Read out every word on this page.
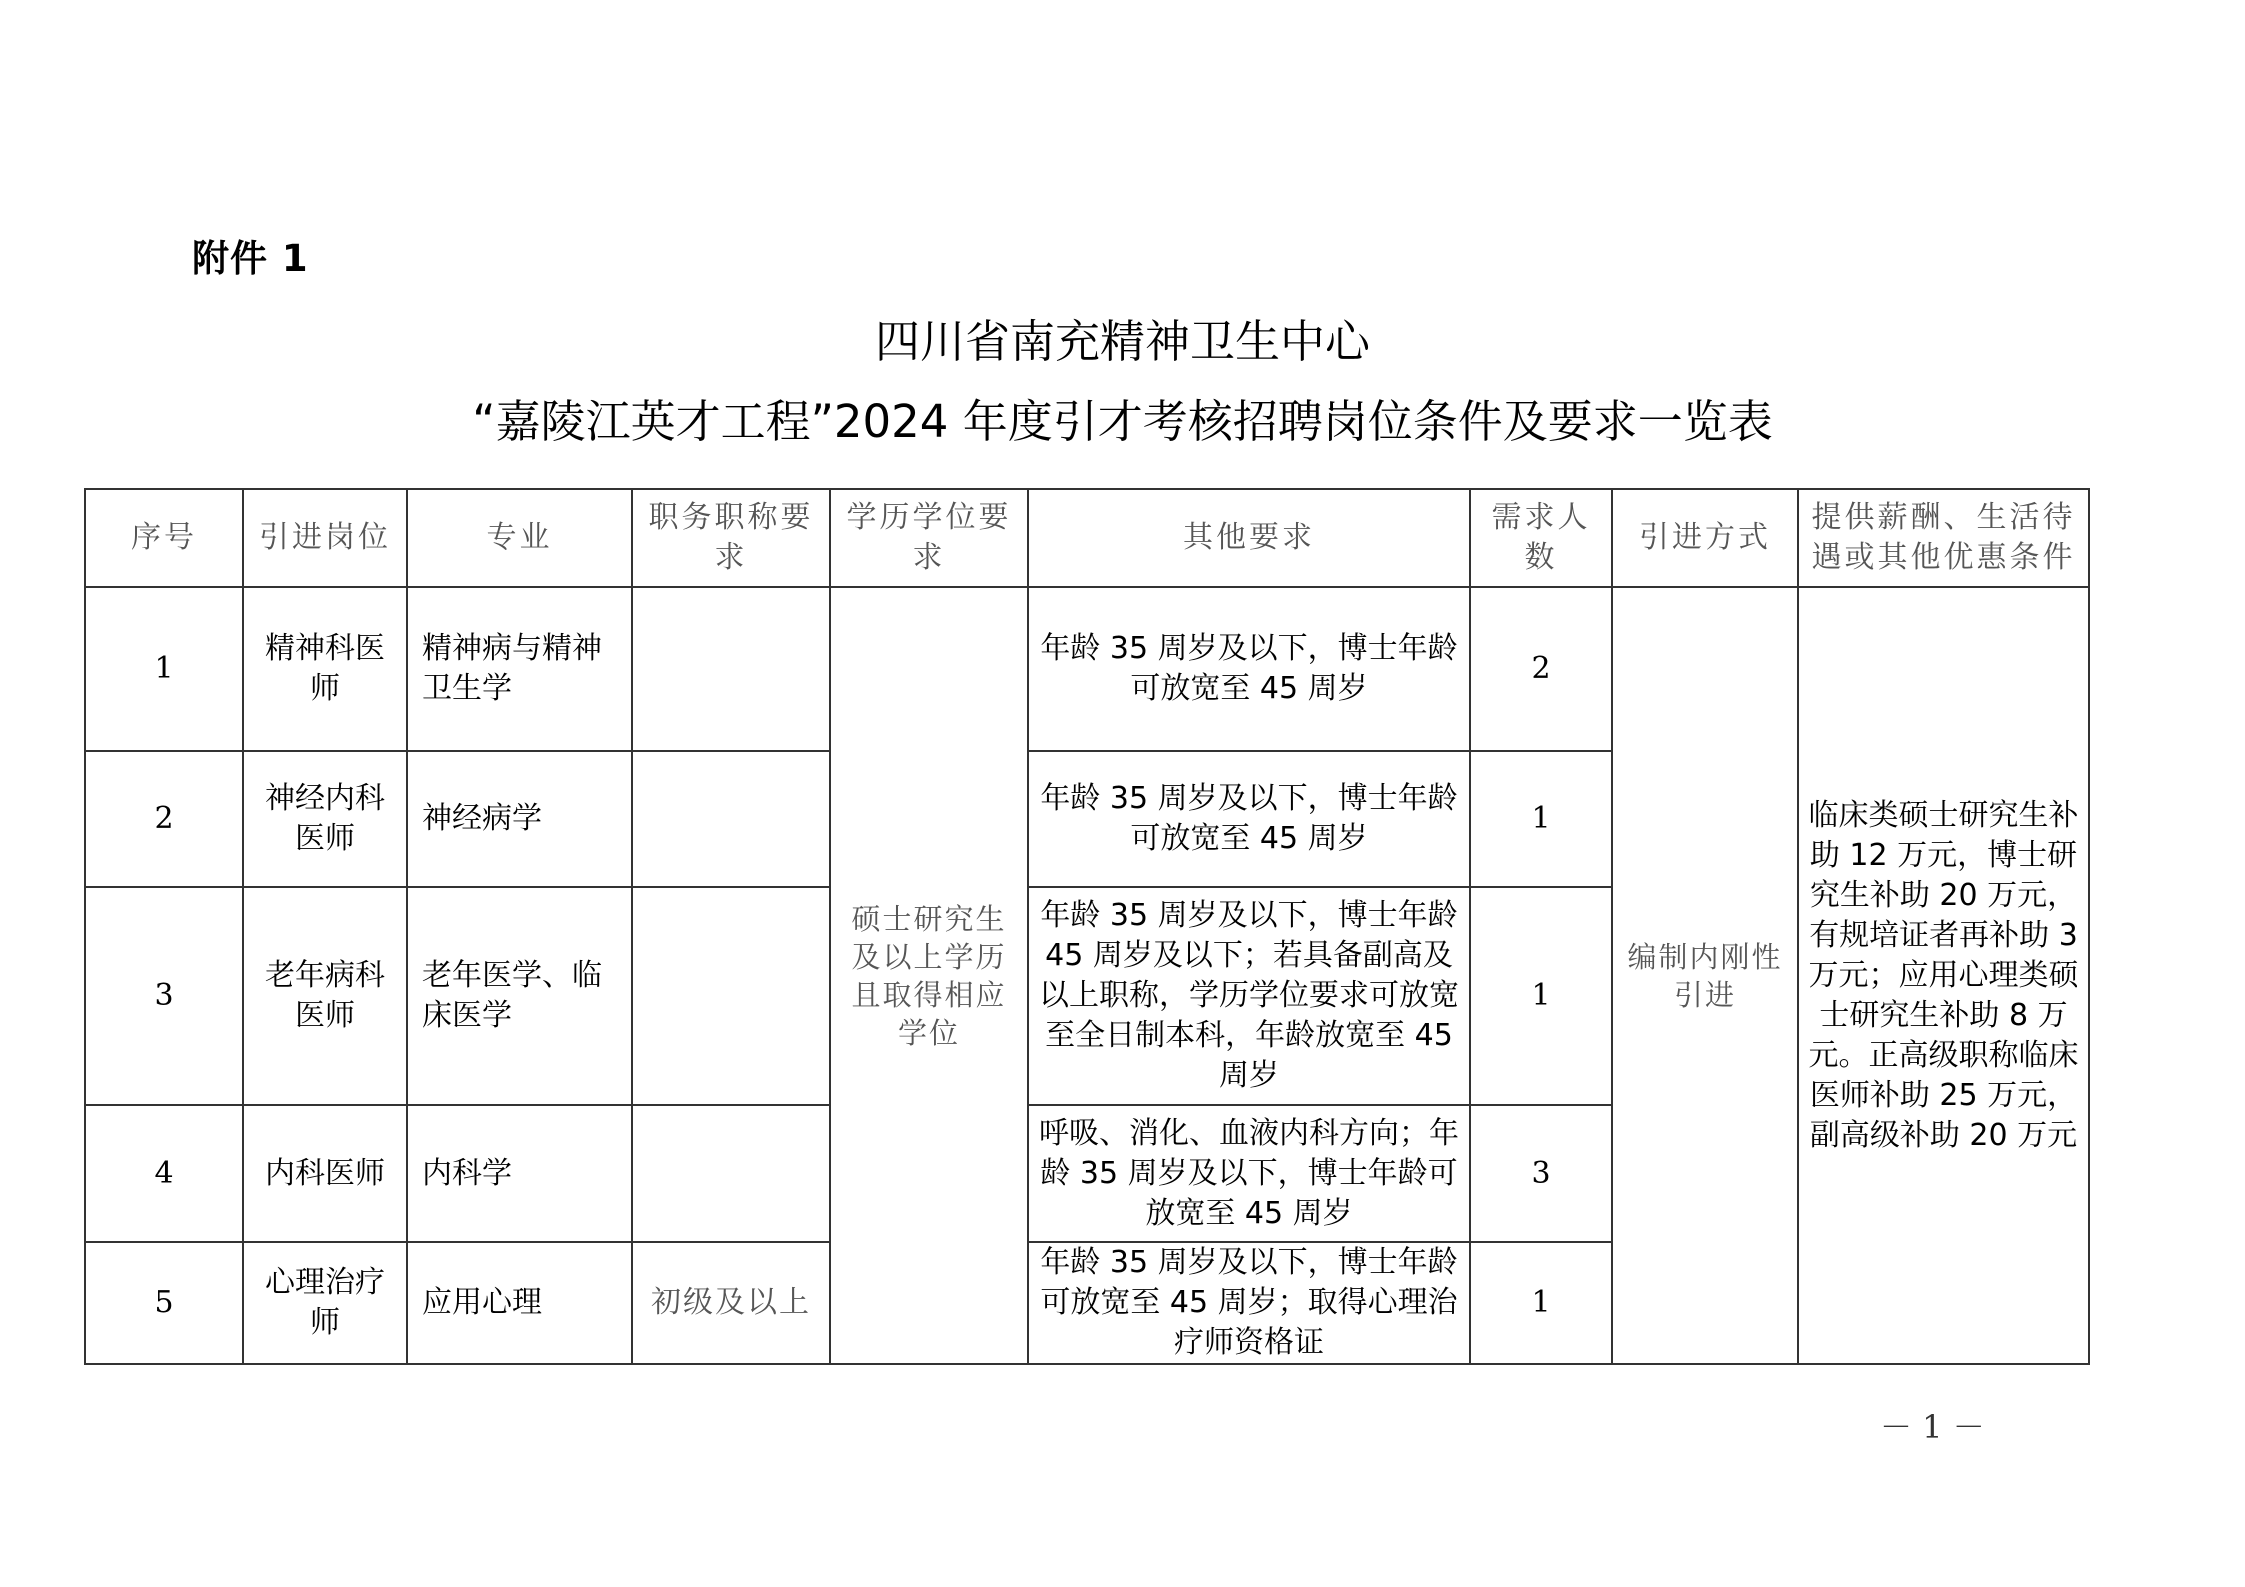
附件 1
四川省南充精神卫生中心
“嘉陵江英才工程”2024 年度引才考核招聘岗位条件及要求一览表
序号	引进岗位	专业	职务职称要求	学历学位要求	其他要求	需求人数	引进方式	提供薪酬、生活待遇或其他优惠条件
1	精神科医师	精神病与精神卫生学		硕士研究生及以上学历且取得相应学位	年龄 35 周岁及以下，博士年龄可放宽至 45 周岁	2	编制内刚性引进	临床类硕士研究生补助 12 万元，博士研究生补助 20 万元，有规培证者再补助 3 万元；应用心理类硕士研究生补助 8 万元。正高级职称临床医师补助 25 万元，副高级补助 20 万元
2	神经内科医师	神经病学			年龄 35 周岁及以下，博士年龄可放宽至 45 周岁	1		
3	老年病科医师	老年医学、临床医学			年龄 35 周岁及以下，博士年龄 45 周岁及以下；若具备副高及以上职称，学历学位要求可放宽至全日制本科，年龄放宽至 45 周岁	1		
4	内科医师	内科学			呼吸、消化、血液内科方向；年龄 35 周岁及以下，博士年龄可放宽至 45 周岁	3		
5	心理治疗师	应用心理	初级及以上		年龄 35 周岁及以下，博士年龄可放宽至 45 周岁；取得心理治疗师资格证	1		
－ 1 －
